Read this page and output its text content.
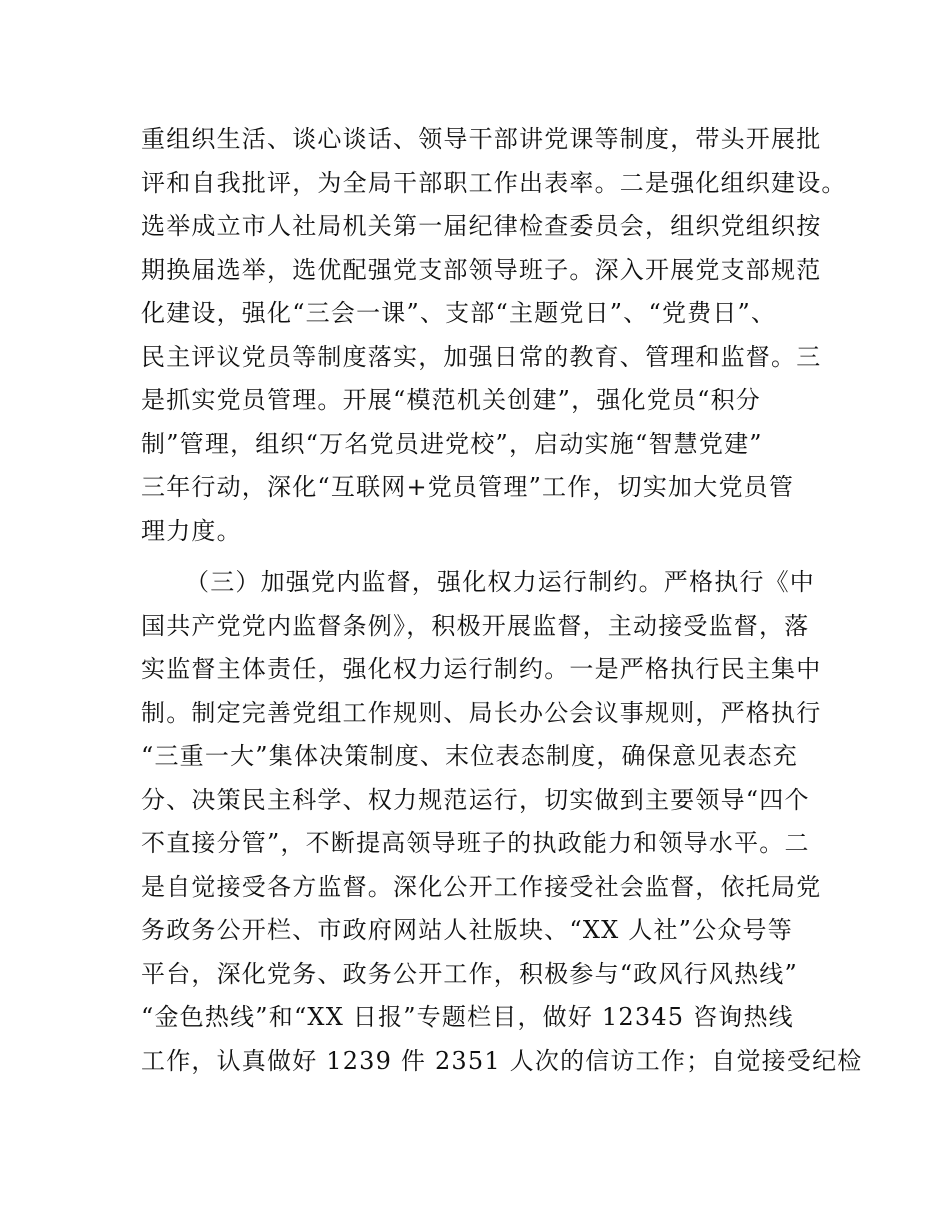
重组织生活、谈心谈话、领导干部讲党课等制度，带头开展批
评和自我批评，为全局干部职工作出表率。二是强化组织建设。
选举成立市人社局机关第一届纪律检查委员会，组织党组织按
期换届选举，选优配强党支部领导班子。深入开展党支部规范
化建设，强化“三会一课”、支部“主题党日”、“党费日”、
民主评议党员等制度落实，加强日常的教育、管理和监督。三
是抓实党员管理。开展“模范机关创建”，强化党员“积分
制”管理，组织“万名党员进党校”，启动实施“智慧党建”
三年行动，深化“互联网+党员管理”工作，切实加大党员管
理力度。
（三）加强党内监督，强化权力运行制约。严格执行《中
国共产党党内监督条例》，积极开展监督，主动接受监督，落
实监督主体责任，强化权力运行制约。一是严格执行民主集中
制。制定完善党组工作规则、局长办公会议事规则，严格执行
“三重一大”集体决策制度、末位表态制度，确保意见表态充
分、决策民主科学、权力规范运行，切实做到主要领导“四个
不直接分管”，不断提高领导班子的执政能力和领导水平。二
是自觉接受各方监督。深化公开工作接受社会监督，依托局党
务政务公开栏、市政府网站人社版块、“XX 人社”公众号等
平台，深化党务、政务公开工作，积极参与“政风行风热线”
“金色热线”和“XX 日报”专题栏目，做好 12345 咨询热线
工作，认真做好 1239 件 2351 人次的信访工作；自觉接受纪检
